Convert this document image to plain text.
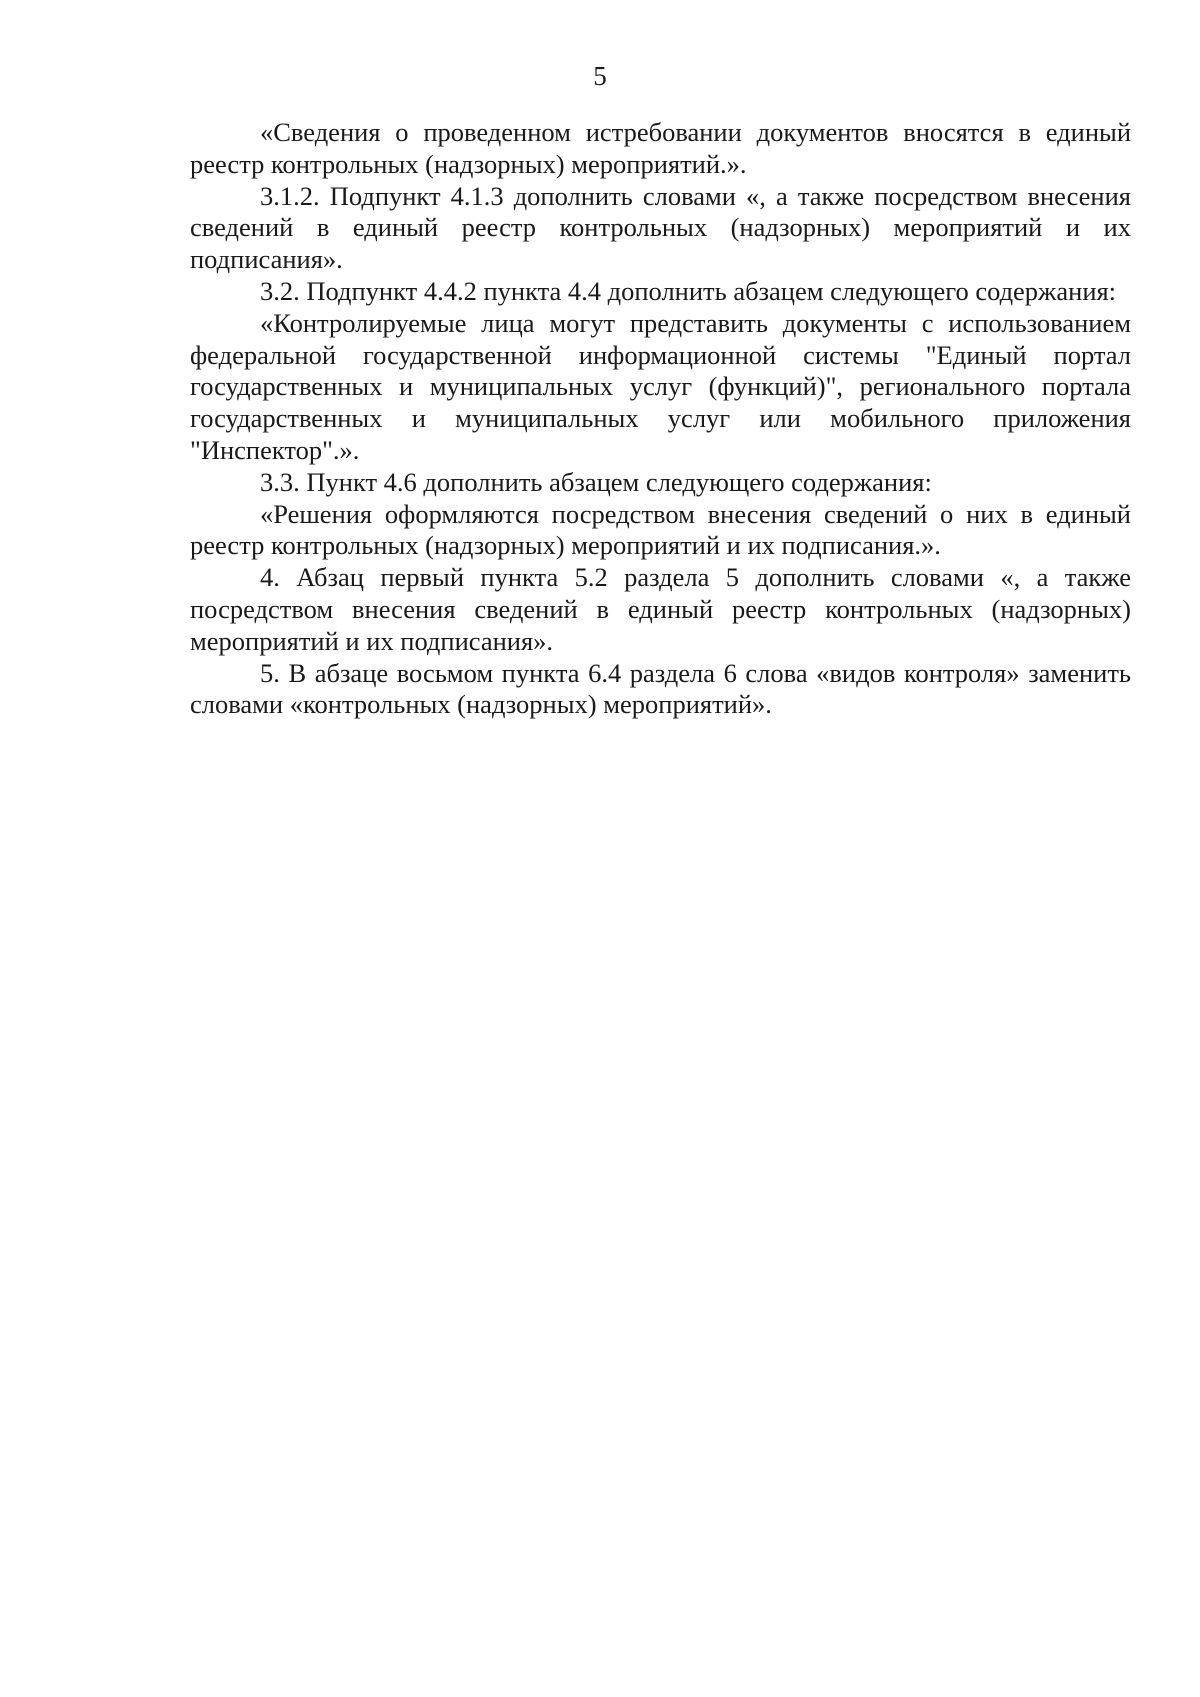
5

«Сведения о проведенном истребовании документов вносятся в единый реестр контрольных (надзорных) мероприятий.».

3.1.2. Подпункт 4.1.3 дополнить словами «, а также посредством внесения сведений в единый реестр контрольных (надзорных) мероприятий и их подписания».

3.2. Подпункт 4.4.2 пункта 4.4 дополнить абзацем следующего содержания:

«Контролируемые лица могут представить документы с использованием федеральной государственной информационной системы "Единый портал государственных и муниципальных услуг (функций)", регионального портала государственных и муниципальных услуг или мобильного приложения "Инспектор".».

3.3. Пункт 4.6 дополнить абзацем следующего содержания:

«Решения оформляются посредством внесения сведений о них в единый реестр контрольных (надзорных) мероприятий и их подписания.».

4. Абзац первый пункта 5.2 раздела 5 дополнить словами «, а также посредством внесения сведений в единый реестр контрольных (надзорных) мероприятий и их подписания».

5. В абзаце восьмом пункта 6.4 раздела 6 слова «видов контроля» заменить словами «контрольных (надзорных) мероприятий».
